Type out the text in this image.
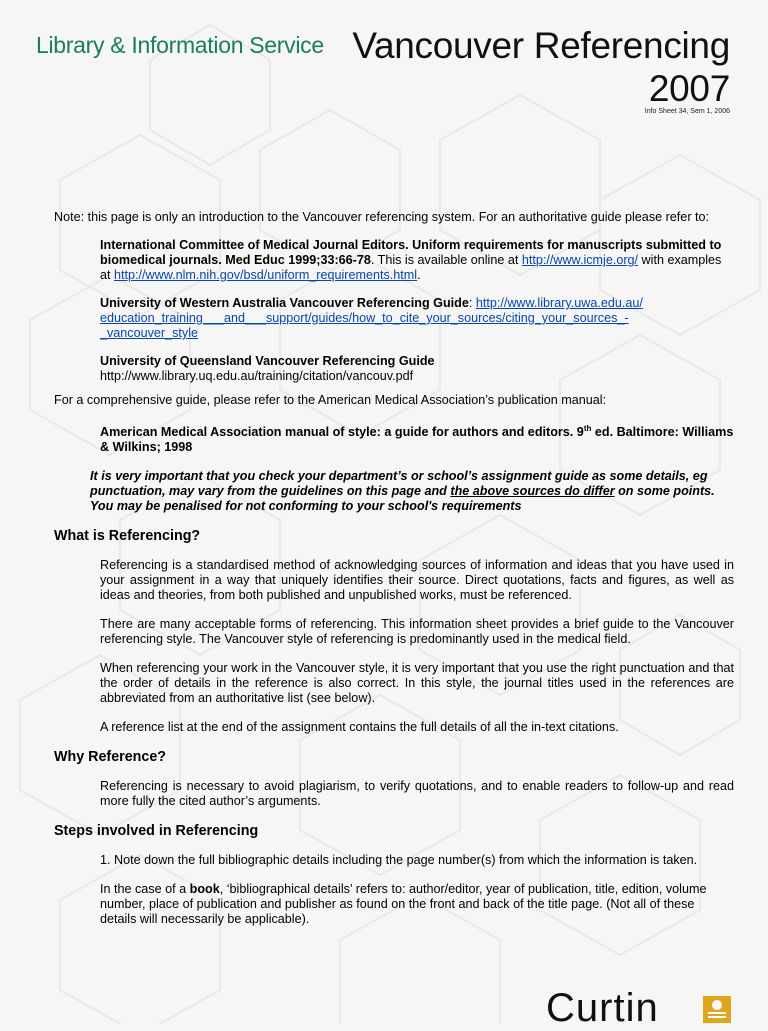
Library & Information Service Vancouver Referencing
2007
Info Sheet 34, Sem 1, 2006

Note: this page is only an introduction to the Vancouver referencing system. For an authoritative guide please refer to:

International Committee of Medical Journal Editors. Uniform requirements for manuscripts submitted to biomedical journals. Med Educ 1999;33:66-78. This is available online at http://www.icmje.org/ with examples at http://www.nlm.nih.gov/bsd/uniform_requirements.html.

University of Western Australia Vancouver Referencing Guide: http://www.library.uwa.edu.au/
education_training___and___support/guides/how_to_cite_your_sources/citing_your_sources_-
_vancouver_style

University of Queensland Vancouver Referencing Guide
http://www.library.uq.edu.au/training/citation/vancouv.pdf

For a comprehensive guide, please refer to the American Medical Association’s publication manual:

American Medical Association manual of style: a guide for authors and editors. 9th ed. Baltimore: Williams & Wilkins; 1998

It is very important that you check your department’s or school’s assignment guide as some details, eg punctuation, may vary from the guidelines on this page and the above sources do differ on some points. You may be penalised for not conforming to your school's requirements

What is Referencing?

Referencing is a standardised method of acknowledging sources of information and ideas that you have used in your assignment in a way that uniquely identifies their source. Direct quotations, facts and figures, as well as ideas and theories, from both published and unpublished works, must be referenced.

There are many acceptable forms of referencing. This information sheet provides a brief guide to the Vancouver referencing style. The Vancouver style of referencing is predominantly used in the medical field.

When referencing your work in the Vancouver style, it is very important that you use the right punctuation and that the order of details in the reference is also correct. In this style, the journal titles used in the references are abbreviated from an authoritative list (see below).

A reference list at the end of the assignment contains the full details of all the in-text citations.

Why Reference?

Referencing is necessary to avoid plagiarism, to verify quotations, and to enable readers to follow-up and read more fully the cited author’s arguments.

Steps involved in Referencing

1. Note down the full bibliographic details including the page number(s) from which the information is taken.

In the case of a book, ‘bibliographical details’ refers to: author/editor, year of publication, title, edition, volume number, place of publication and publisher as found on the front and back of the title page. (Not all of these details will necessarily be applicable).

Curtin
